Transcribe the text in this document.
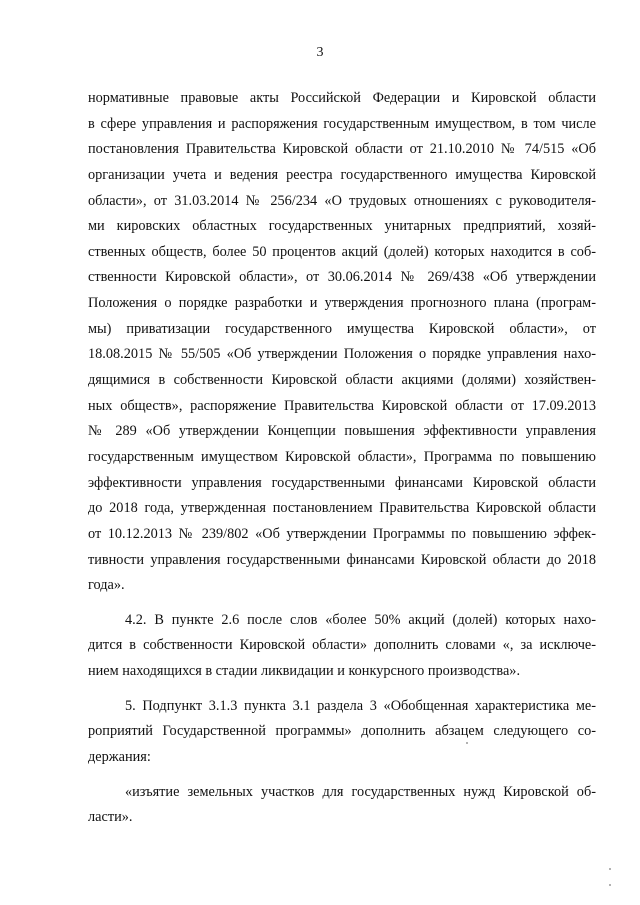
3
нормативные правовые акты Российской Федерации и Кировской области
в сфере управления и распоряжения государственным имуществом, в том числе
постановления Правительства Кировской области от 21.10.2010 № 74/515 «Об
организации учета и ведения реестра государственного имущества Кировской
области», от 31.03.2014 № 256/234 «О трудовых отношениях с руководителя-
ми кировских областных государственных унитарных предприятий, хозяй-
ственных обществ, более 50 процентов акций (долей) которых находится в соб-
ственности Кировской области», от 30.06.2014 № 269/438 «Об утверждении
Положения о порядке разработки и утверждения прогнозного плана (програм-
мы) приватизации государственного имущества Кировской области», от
18.08.2015 № 55/505 «Об утверждении Положения о порядке управления нахо-
дящимися в собственности Кировской области акциями (долями) хозяйствен-
ных обществ», распоряжение Правительства Кировской области от 17.09.2013
№ 289 «Об утверждении Концепции повышения эффективности управления
государственным имуществом Кировской области», Программа по повышению
эффективности управления государственными финансами Кировской области
до 2018 года, утвержденная постановлением Правительства Кировской области
от 10.12.2013 № 239/802 «Об утверждении Программы по повышению эффек-
тивности управления государственными финансами Кировской области до 2018
года».
4.2. В пункте 2.6 после слов «более 50% акций (долей) которых нахо-
дится в собственности Кировской области» дополнить словами «, за исключе-
нием находящихся в стадии ликвидации и конкурсного производства».
5. Подпункт 3.1.3 пункта 3.1 раздела 3 «Обобщенная характеристика ме-
роприятий Государственной программы» дополнить абзацем следующего со-
держания:
«изъятие земельных участков для государственных нужд Кировской об-
ласти».
